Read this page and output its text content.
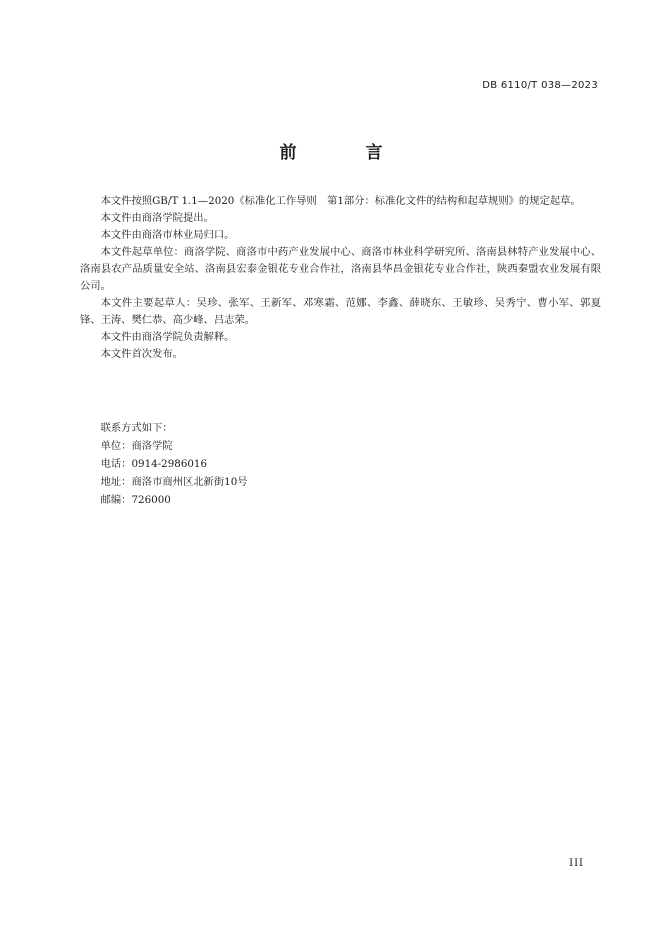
DB 6110/T 038—2023
前　言

本文件按照GB/T 1.1—2020《标准化工作导则　第1部分：标准化文件的结构和起草规则》的规定起草。

本文件由商洛学院提出。

本文件由商洛市林业局归口。

本文件起草单位：商洛学院、商洛市中药产业发展中心、商洛市林业科学研究所、洛南县林特产业发展中心、洛南县农产品质量安全站、洛南县宏泰金银花专业合作社，洛南县华昌金银花专业合作社，陕西秦盟农业发展有限公司。

本文件主要起草人：吴珍、张军、王新军、邓寒霜、范娜、李鑫、薛晓东、王敏珍、吴秀宁、曹小军、郭夏锋、王涛、樊仁恭、高少峰、吕志荣。

本文件由商洛学院负责解释。

本文件首次发布。

联系方式如下：

单位：商洛学院

电话：0914-2986016

地址：商洛市商州区北新街10号

邮编：726000

III
